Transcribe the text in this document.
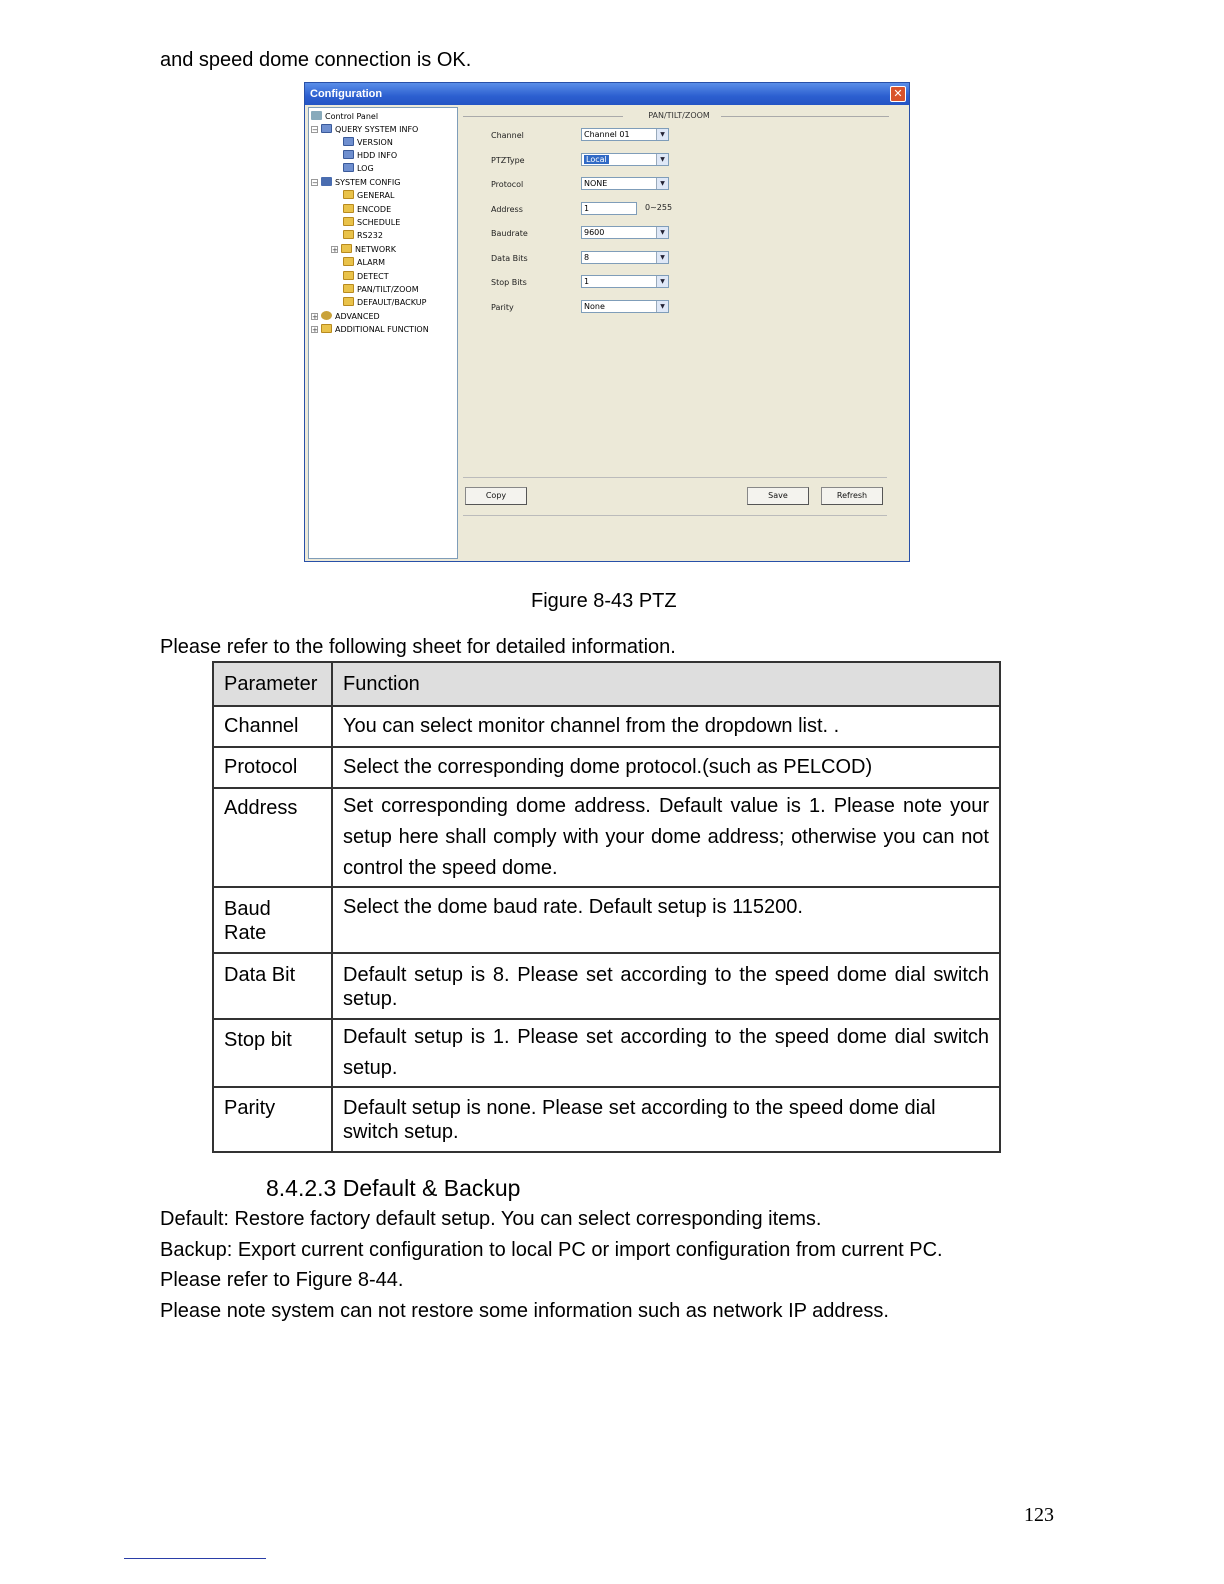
and speed dome connection is OK.
Configuration	✕
Control Panel
− QUERY SYSTEM INFO
VERSION
HDD INFO
LOG
− SYSTEM CONFIG
GENERAL
ENCODE
SCHEDULE
RS232
+ NETWORK
ALARM
DETECT
PAN/TILT/ZOOM
DEFAULT/BACKUP
+ ADVANCED
+ ADDITIONAL FUNCTION
PAN/TILT/ZOOM
Channel	Channel 01	▼
PTZType	Local	▼
Protocol	NONE	▼
Address	1	0~255
Baudrate	9600	▼
Data Bits	8	▼
Stop Bits	1	▼
Parity	None	▼
Copy	Save	Refresh
Figure 8-43 PTZ
Please refer to the following sheet for detailed information.
Parameter	Function
Channel	You can select monitor channel from the dropdown list. .
Protocol	Select the corresponding dome protocol.(such as PELCOD)
Address	Set corresponding dome address. Default value is 1. Please note your setup here shall comply with your dome address; otherwise you can not control the speed dome.

Baud Rate	Select the dome baud rate. Default setup is 115200.
Data Bit	Default setup is 8. Please set according to the speed dome dial switch setup.
Stop bit	Default setup is 1. Please set according to the speed dome dial switch setup.
Parity	Default setup is none. Please set according to the speed dome dial switch setup.
8.4.2.3 Default & Backup
Default: Restore factory default setup. You can select corresponding items.
Backup: Export current configuration to local PC or import configuration from current PC.
Please refer to Figure 8-44.
Please note system can not restore some information such as network IP address.
123
